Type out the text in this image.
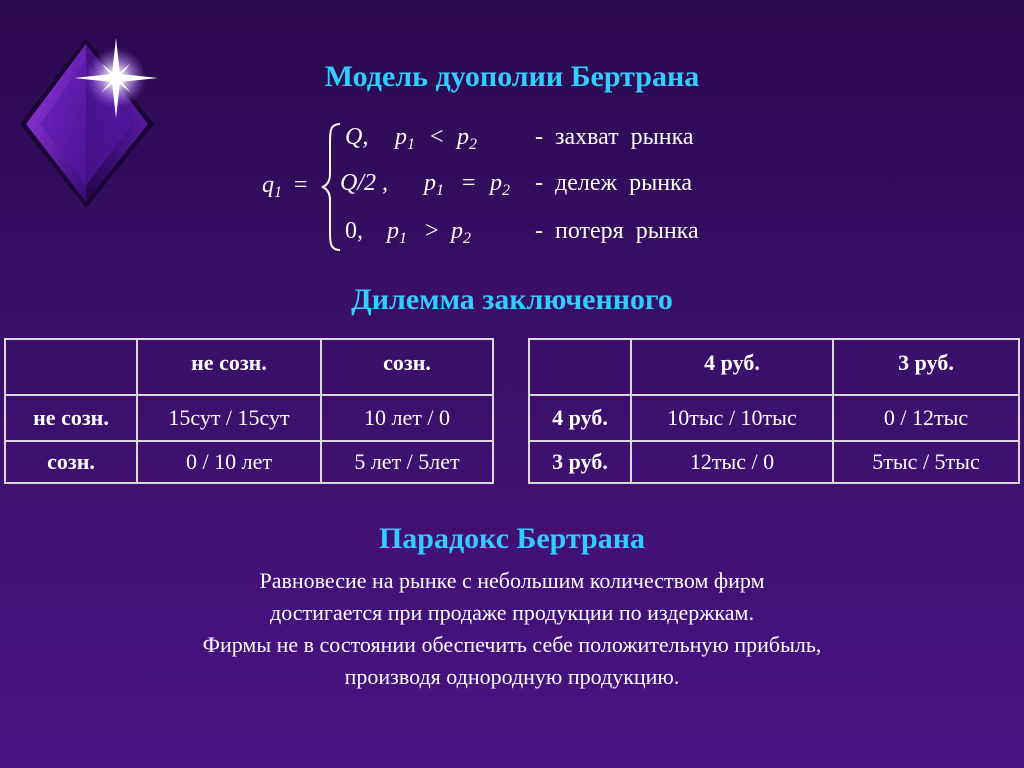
Модель дуополии Бертрана
$q_1$ =
Q, $p_1 < p_2$ -  захват  рынка
Q/2 , $p_1 = p_2$ -  дележ  рынка
0, $p_1 > p_2$	-  потеря  рынка
Дилемма заключенного
	не созн.	созн.
не созн.	15сут / 15сут	10 лет / 0
созн.	0 / 10 лет	5 лет / 5лет
	4 руб.	3 руб.
4 руб.	10тыс / 10тыс	0 / 12тыс
3 руб.	12тыс / 0	5тыс / 5тыс
Парадокс Бертрана
Равновесие на рынке с небольшим количеством фирм
достигается при продаже продукции по издержкам.
Фирмы не в состоянии обеспечить себе положительную прибыль,
производя однородную продукцию.
